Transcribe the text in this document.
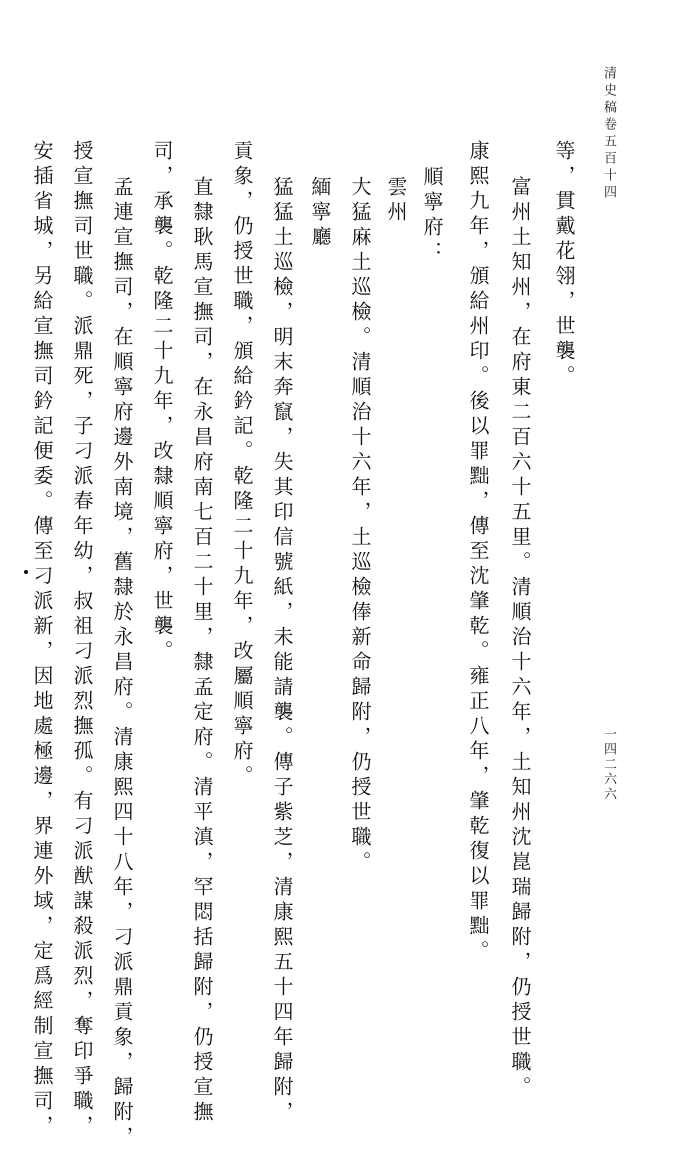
清史稿卷五百十四
一四二六六
等，貫戴花翎，世襲。
富州土知州，在府東二百六十五里。清順治十六年，土知州沈崑瑞歸附，仍授世職。
康熙九年，頒給州印。後以罪黜，傳至沈肇乾。雍正八年，肇乾復以罪黜。
順寧府：
雲州
大猛麻土巡檢。清順治十六年，土巡檢俸新命歸附，仍授世職。
緬寧廳
猛猛土巡檢，明末奔竄，失其印信號紙，未能請襲。傳子紫芝，清康熙五十四年歸附，
貢象，仍授世職，頒給鈐記。乾隆二十九年，改屬順寧府。
直隸耿馬宣撫司，在永昌府南七百二十里，隸孟定府。清平滇，罕悶括歸附，仍授宣撫
司，承襲。乾隆二十九年，改隸順寧府，世襲。
孟連宣撫司，在順寧府邊外南境，舊隸於永昌府。清康熙四十八年，刁派鼎貢象，歸附，
授宣撫司世職。派鼎死，子刁派春年幼，叔祖刁派烈撫孤。有刁派猷謀殺派烈，奪印爭職，
安插省城，另給宣撫司鈐記便委。傳至刁派新，因地處極邊，界連外域，定爲經制宣撫司，
